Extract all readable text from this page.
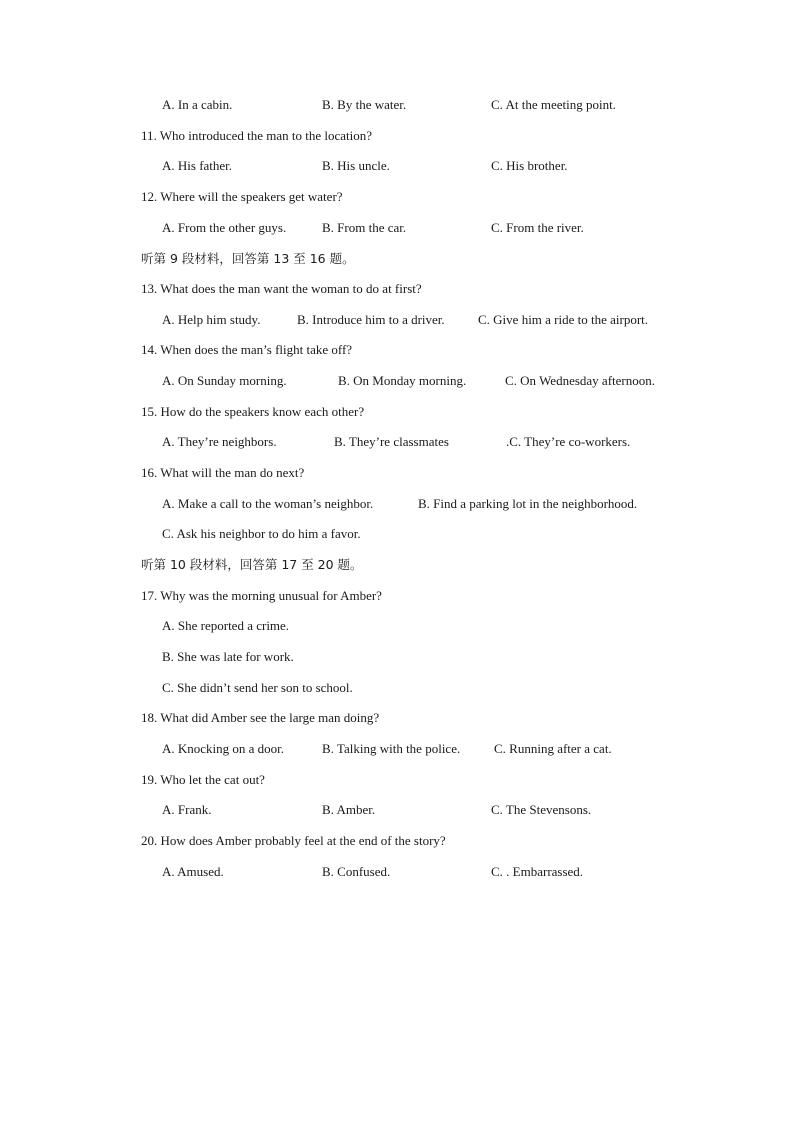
A. In a cabin.	B. By the water.	C. At the meeting point.
11. Who introduced the man to the location?
A. His father.	B. His uncle.	C. His brother.
12. Where will the speakers get water?
A. From the other guys.	B. From the car.	C. From the river.
听第 9 段材料，回答第 13 至 16 题。
13. What does the man want the woman to do at first?
A. Help him study.	B. Introduce him to a driver.	C. Give him a ride to the airport.
14. When does the man’s flight take off?
A. On Sunday morning.	B. On Monday morning.	C. On Wednesday afternoon.
15. How do the speakers know each other?
A. They’re neighbors.	B. They’re classmates	.C. They’re co-workers.
16. What will the man do next?
A. Make a call to the woman’s neighbor.	B. Find a parking lot in the neighborhood.
C. Ask his neighbor to do him a favor.
听第 10 段材料，回答第 17 至 20 题。
17. Why was the morning unusual for Amber?
A. She reported a crime.
B. She was late for work.
C. She didn’t send her son to school.
18. What did Amber see the large man doing?
A. Knocking on a door.	B. Talking with the police.	C. Running after a cat.
19. Who let the cat out?
A. Frank.	B. Amber.	C. The Stevensons.
20. How does Amber probably feel at the end of the story?
A. Amused.	B. Confused.	C. . Embarrassed.
